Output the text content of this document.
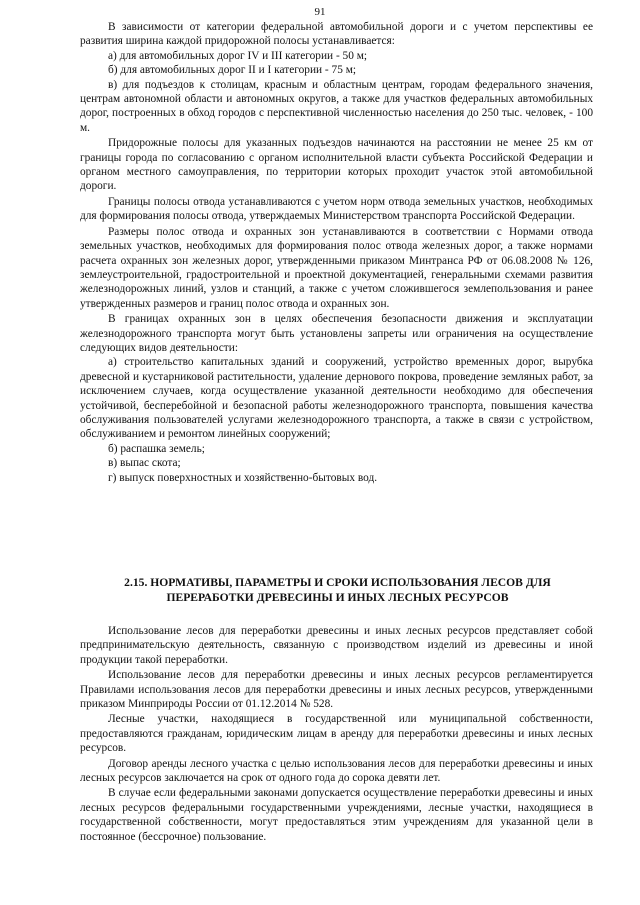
91

В зависимости от категории федеральной автомобильной дороги и с учетом перспективы ее развития ширина каждой придорожной полосы устанавливается:

а) для автомобильных дорог IV и III категории - 50 м;

б) для автомобильных дорог II и I категории - 75 м;

в) для подъездов к столицам, красным и областным центрам, городам федерального значения, центрам автономной области и автономных округов, а также для участков федеральных автомобильных дорог, построенных в обход городов с перспективной численностью населения до 250 тыс. человек, - 100 м.

Придорожные полосы для указанных подъездов начинаются на расстоянии не менее 25 км от границы города по согласованию с органом исполнительной власти субъекта Российской Федерации и органом местного самоуправления, по территории которых проходит участок этой автомобильной дороги.

Границы полосы отвода устанавливаются с учетом норм отвода земельных участков, необходимых для формирования полосы отвода, утверждаемых Министерством транспорта Российской Федерации.

Размеры полос отвода и охранных зон устанавливаются в соответствии с Нормами отвода земельных участков, необходимых для формирования полос отвода железных дорог, а также нормами расчета охранных зон железных дорог, утвержденными приказом Минтранса РФ от 06.08.2008 № 126, землеустроительной, градостроительной и проектной документацией, генеральными схемами развития железнодорожных линий, узлов и станций, а также с учетом сложившегося землепользования и ранее утвержденных размеров и границ полос отвода и охранных зон.

В границах охранных зон в целях обеспечения безопасности движения и эксплуатации железнодорожного транспорта могут быть установлены запреты или ограничения на осуществление следующих видов деятельности:

а) строительство капитальных зданий и сооружений, устройство временных дорог, вырубка древесной и кустарниковой растительности, удаление дернового покрова, проведение земляных работ, за исключением случаев, когда осуществление указанной деятельности необходимо для обеспечения устойчивой, бесперебойной и безопасной работы железнодорожного транспорта, повышения качества обслуживания пользователей услугами железнодорожного транспорта, а также в связи с устройством, обслуживанием и ремонтом линейных сооружений;

б) распашка земель;

в) выпас скота;

г) выпуск поверхностных и хозяйственно-бытовых вод.

2.15. НОРМАТИВЫ, ПАРАМЕТРЫ И СРОКИ ИСПОЛЬЗОВАНИЯ ЛЕСОВ ДЛЯ ПЕРЕРАБОТКИ ДРЕВЕСИНЫ И ИНЫХ ЛЕСНЫХ РЕСУРСОВ

Использование лесов для переработки древесины и иных лесных ресурсов представляет собой предпринимательскую деятельность, связанную с производством изделий из древесины и иной продукции такой переработки.

Использование лесов для переработки древесины и иных лесных ресурсов регламентируется Правилами использования лесов для переработки древесины и иных лесных ресурсов, утвержденными приказом Минприроды России от 01.12.2014 № 528.

Лесные участки, находящиеся в государственной или муниципальной собственности, предоставляются гражданам, юридическим лицам в аренду для переработки древесины и иных лесных ресурсов.

Договор аренды лесного участка с целью использования лесов для переработки древесины и иных лесных ресурсов заключается на срок от одного года до сорока девяти лет.

В случае если федеральными законами допускается осуществление переработки древесины и иных лесных ресурсов федеральными государственными учреждениями, лесные участки, находящиеся в государственной собственности, могут предоставляться этим учреждениям для указанной цели в постоянное (бессрочное) пользование.
